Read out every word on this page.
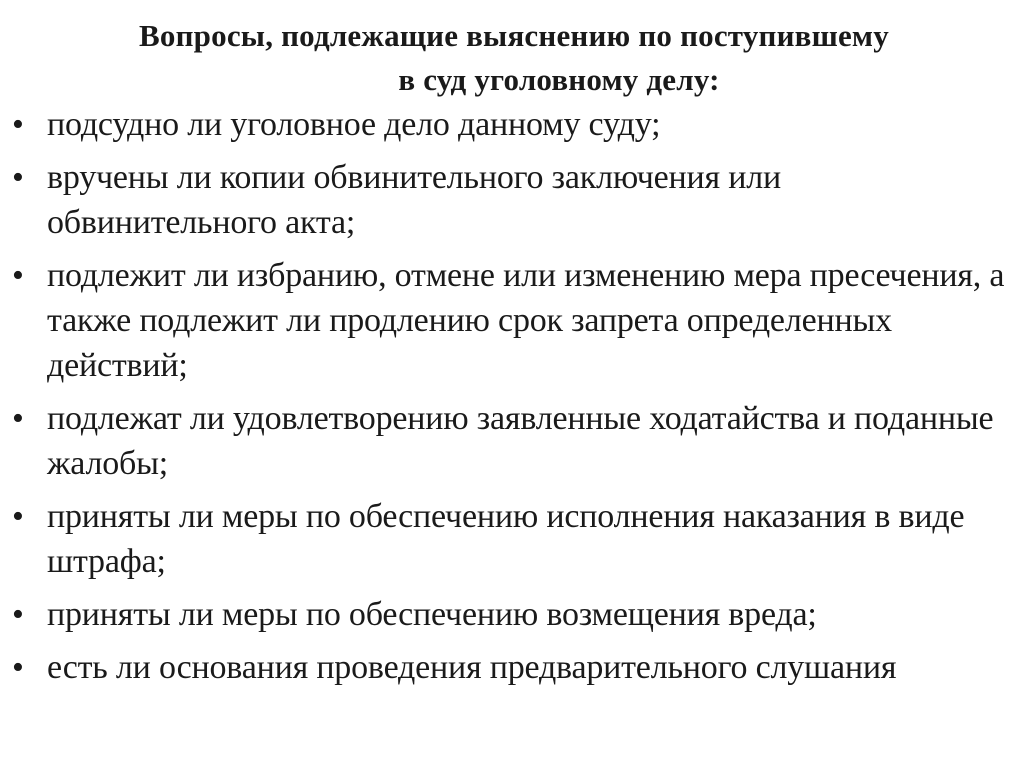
Вопросы, подлежащие выяснению по поступившему
в суд уголовному делу:
• подсудно ли уголовное дело данному суду;
• вручены ли копии обвинительного заключения или обвинительного акта;
• подлежит ли избранию, отмене или изменению мера пресечения, а также подлежит ли продлению срок запрета определенных действий;
• подлежат ли удовлетворению заявленные ходатайства и поданные жалобы;
• приняты ли меры по обеспечению исполнения наказания в виде штрафа;
• приняты ли меры по обеспечению возмещения вреда;
• есть ли основания проведения предварительного слушания
